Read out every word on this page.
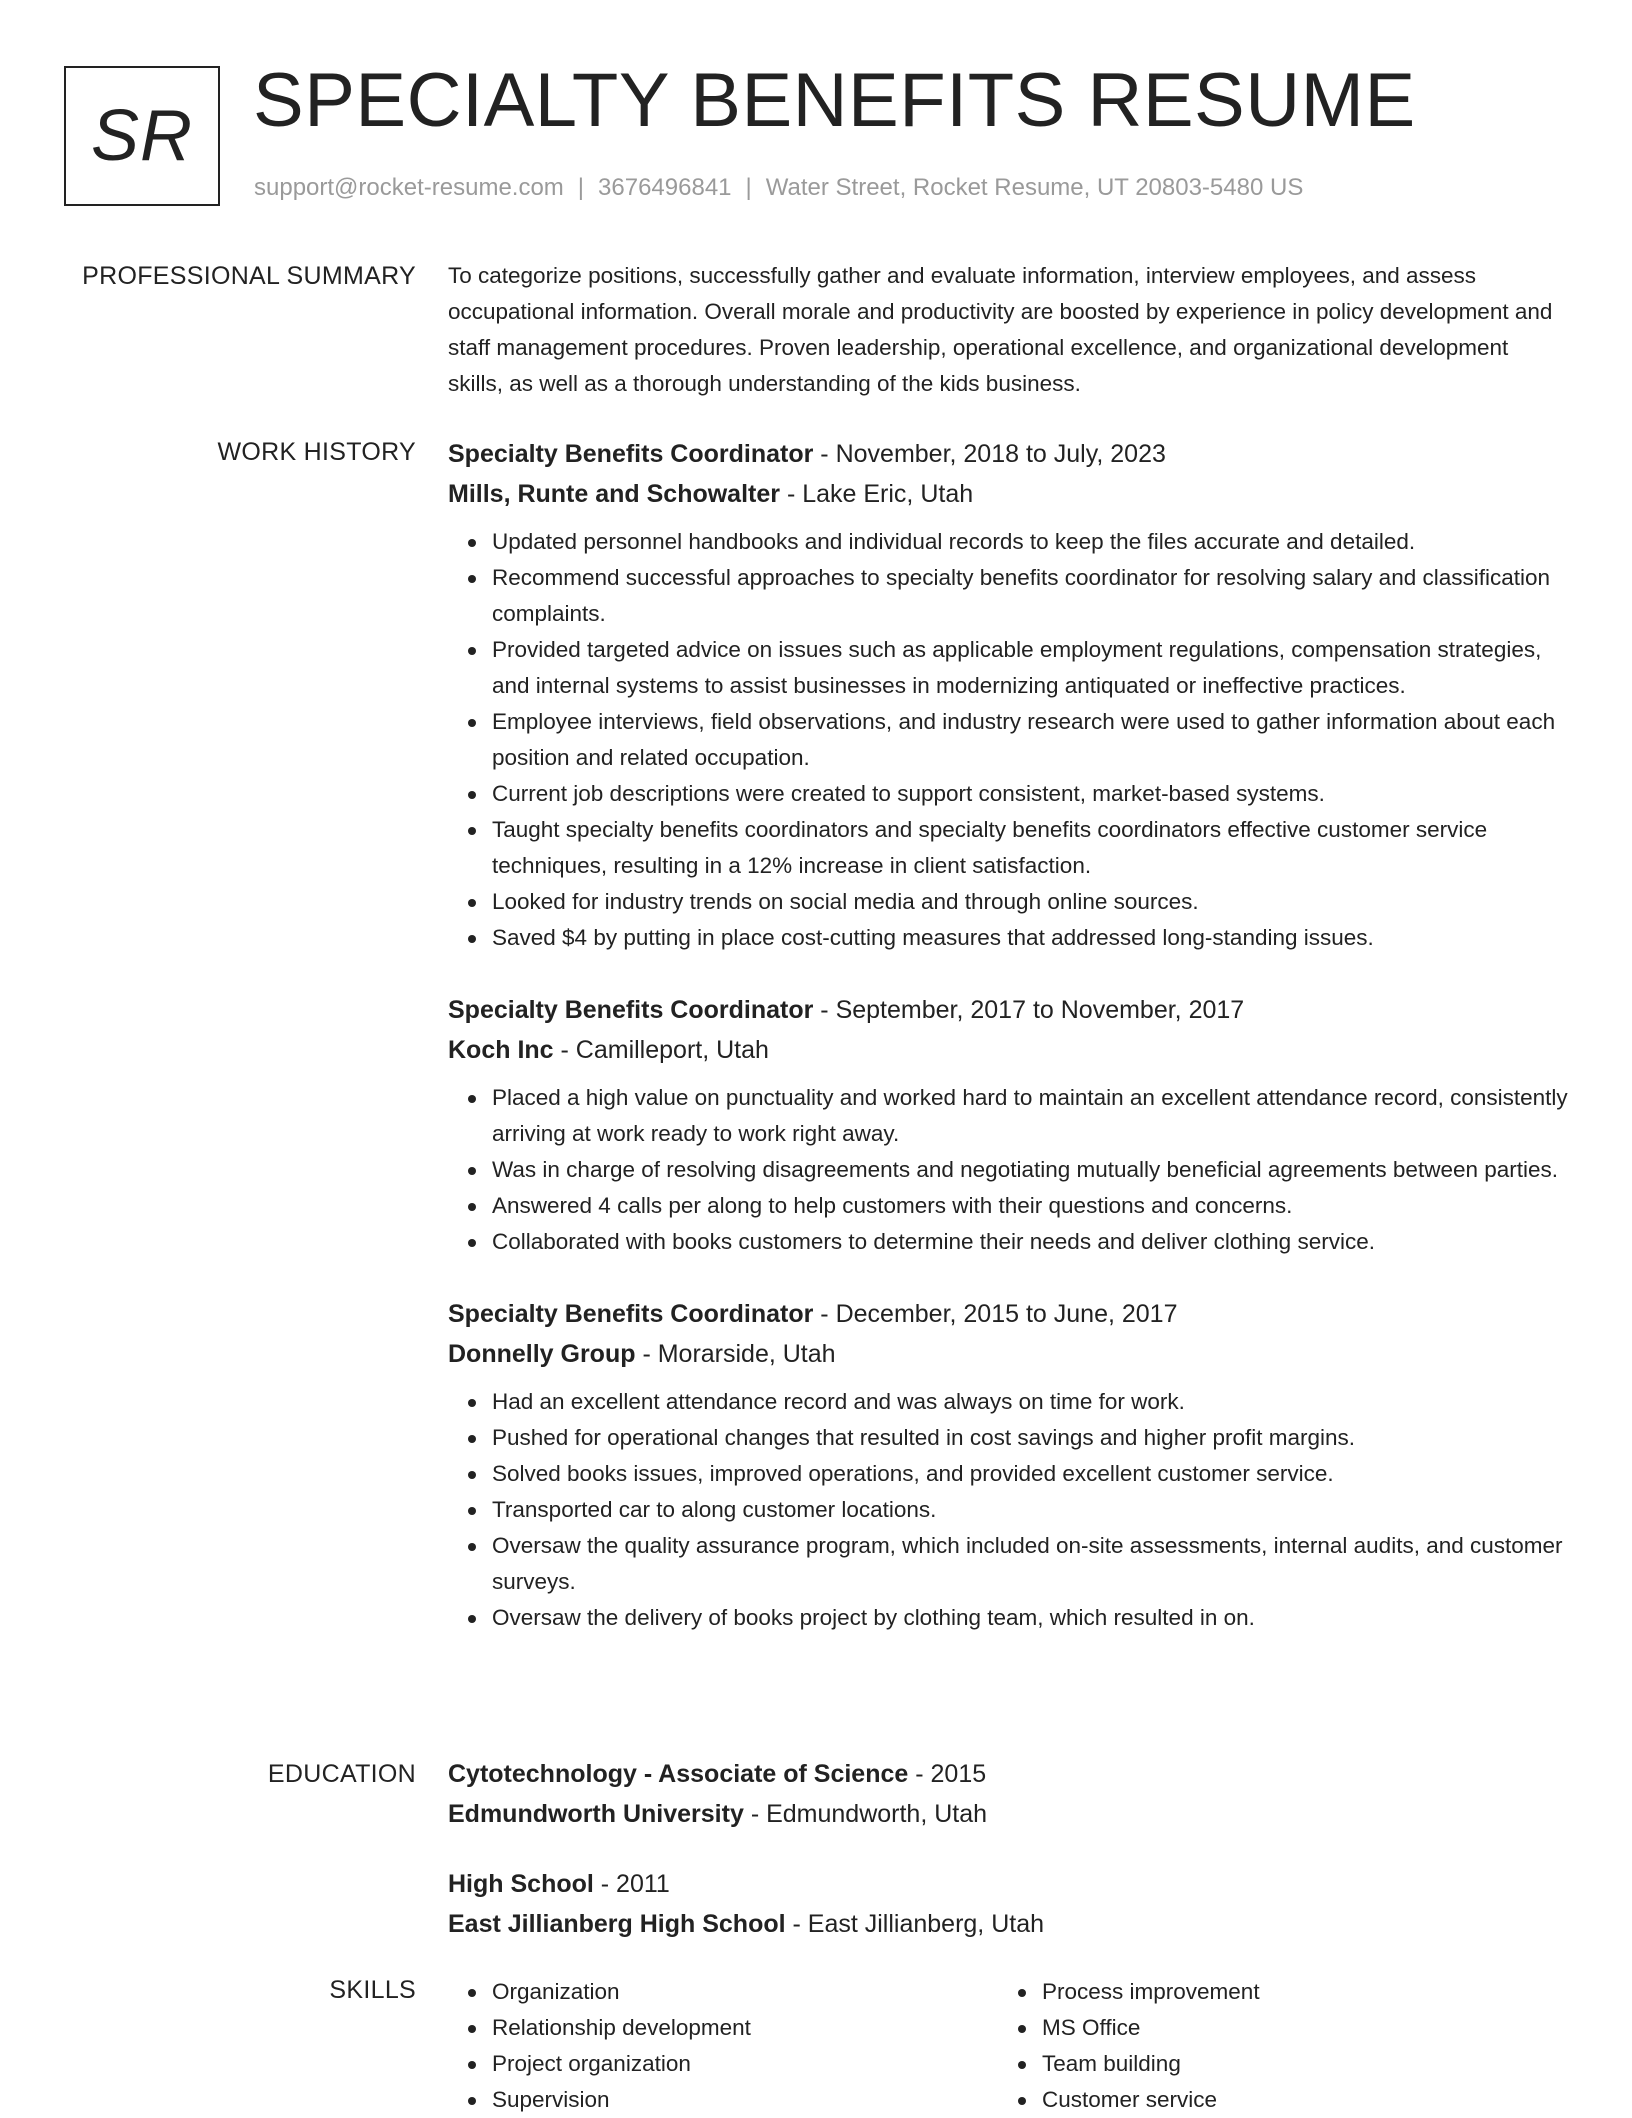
SR SPECIALTY BENEFITS RESUME
support@rocket-resume.com | 3676496841 | Water Street, Rocket Resume, UT 20803-5480 US
PROFESSIONAL SUMMARY To categorize positions, successfully gather and evaluate information, interview employees, and assess occupational information. Overall morale and productivity are boosted by experience in policy development and staff management procedures. Proven leadership, operational excellence, and organizational development skills, as well as a thorough understanding of the kids business.

WORK HISTORY Specialty Benefits Coordinator - November, 2018 to July, 2023

Mills, Runte and Schowalter - Lake Eric, Utah

Updated personnel handbooks and individual records to keep the files accurate and detailed.
Recommend successful approaches to specialty benefits coordinator for resolving salary and classification complaints.
Provided targeted advice on issues such as applicable employment regulations, compensation strategies, and internal systems to assist businesses in modernizing antiquated or ineffective practices.
Employee interviews, field observations, and industry research were used to gather information about each position and related occupation.
Current job descriptions were created to support consistent, market-based systems.
Taught specialty benefits coordinators and specialty benefits coordinators effective customer service techniques, resulting in a 12% increase in client satisfaction.
Looked for industry trends on social media and through online sources.
Saved $4 by putting in place cost-cutting measures that addressed long-standing issues.

Specialty Benefits Coordinator - September, 2017 to November, 2017

Koch Inc - Camilleport, Utah

Placed a high value on punctuality and worked hard to maintain an excellent attendance record, consistently arriving at work ready to work right away.
Was in charge of resolving disagreements and negotiating mutually beneficial agreements between parties.
Answered 4 calls per along to help customers with their questions and concerns.
Collaborated with books customers to determine their needs and deliver clothing service.

Specialty Benefits Coordinator - December, 2015 to June, 2017

Donnelly Group - Morarside, Utah

Had an excellent attendance record and was always on time for work.
Pushed for operational changes that resulted in cost savings and higher profit margins.
Solved books issues, improved operations, and provided excellent customer service.
Transported car to along customer locations.
Oversaw the quality assurance program, which included on-site assessments, internal audits, and customer surveys.
Oversaw the delivery of books project by clothing team, which resulted in on.
EDUCATION Cytotechnology - Associate of Science - 2015

Edmundworth University - Edmundworth, Utah

High School - 2011

East Jillianberg High School - East Jillianberg, Utah

SKILLS	Organization
Relationship development
Project organization
Supervision
Process improvement
MS Office
Team building
Customer service
